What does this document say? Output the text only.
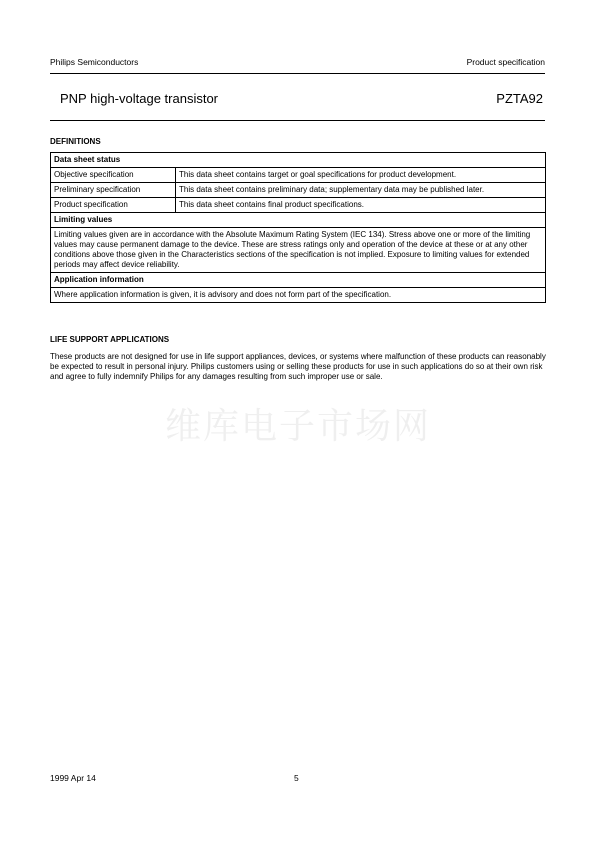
Philips Semiconductors	Product specification
PNP high-voltage transistor	PZTA92
DEFINITIONS
Data sheet status	
Objective specification	This data sheet contains target or goal specifications for product development.
Preliminary specification	This data sheet contains preliminary data; supplementary data may be published later.
Product specification	This data sheet contains final product specifications.
Limiting values	
Limiting values given are in accordance with the Absolute Maximum Rating System (IEC 134). Stress above one or more of the limiting values may cause permanent damage to the device. These are stress ratings only and operation of the device at these or at any other conditions above those given in the Characteristics sections of the specification is not implied. Exposure to limiting values for extended periods may affect device reliability.	
Application information	
Where application information is given, it is advisory and does not form part of the specification.	
LIFE SUPPORT APPLICATIONS
These products are not designed for use in life support appliances, devices, or systems where malfunction of these products can reasonably be expected to result in personal injury. Philips customers using or selling these products for use in such applications do so at their own risk and agree to fully indemnify Philips for any damages resulting from such improper use or sale.
维库电子市场网
1999 Apr 14	5
